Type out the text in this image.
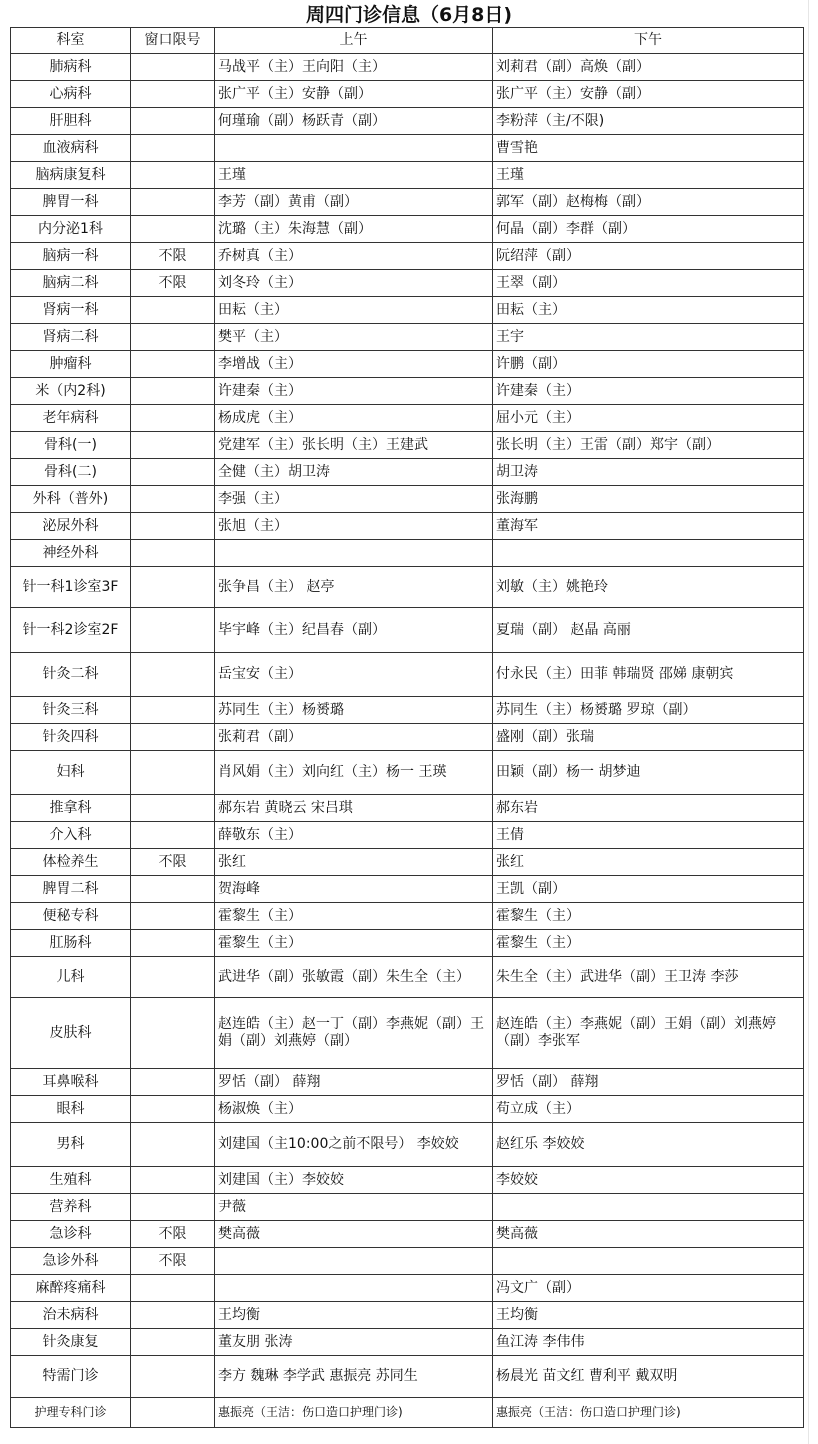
周四门诊信息（6月8日)
科室	窗口限号	上午	下午
肺病科		马战平（主）王向阳（主）	刘莉君（副）高焕（副）
心病科		张广平（主）安静（副）	张广平（主）安静（副）
肝胆科		何瑾瑜（副）杨跃青（副）	李粉萍（主/不限)
血液病科			曹雪艳
脑病康复科		王瑾	王瑾
脾胃一科		李芳（副）黄甫（副）	郭军（副）赵梅梅（副）
内分泌1科		沈璐（主）朱海慧（副）	何晶（副）李群（副）
脑病一科	不限	乔树真（主）	阮绍萍（副）
脑病二科	不限	刘冬玲（主）	王翠（副）
肾病一科		田耘（主）	田耘（主）
肾病二科		樊平（主）	王宇
肿瘤科		李增战（主）	许鹏（副）
米（内2科)		许建秦（主）	许建秦（主）
老年病科		杨成虎（主）	屈小元（主）
骨科(一)		党建军（主）张长明（主）王建武	张长明（主）王雷（副）郑宇（副）
骨科(二)		全健（主）胡卫涛	胡卫涛
外科（普外)		李强（主）	张海鹏
泌尿外科		张旭（主）	董海军
神经外科			
针一科1诊室3F		张争昌（主） 赵亭	刘敏（主）姚艳玲
针一科2诊室2F		毕宇峰（主）纪昌春（副）	夏瑞（副） 赵晶 高丽
针灸二科		岳宝安（主）	付永民（主）田菲 韩瑞贤 邵娣 康朝宾
针灸三科		苏同生（主）杨赟璐	苏同生（主）杨赟璐 罗琼（副）
针灸四科		张莉君（副）	盛刚（副）张瑞
妇科		肖风娟（主）刘向红（主）杨一 王瑛	田颖（副）杨一 胡梦迪
推拿科		郝东岩 黄晓云 宋吕琪	郝东岩
介入科		薛敬东（主）	王倩
体检养生	不限	张红	张红
脾胃二科		贺海峰	王凯（副）
便秘专科		霍黎生（主）	霍黎生（主）
肛肠科		霍黎生（主）	霍黎生（主）
儿科		武进华（副）张敏霞（副）朱生全（主）	朱生全（主）武进华（副）王卫涛 李莎
皮肤科		赵连皓（主）赵一丁（副）李燕妮（副）王娟（副）刘燕婷（副）	赵连皓（主）李燕妮（副）王娟（副）刘燕婷（副）李张军
耳鼻喉科		罗恬（副） 薛翔	罗恬（副） 薛翔
眼科		杨淑焕（主）	苟立成（主）
男科		刘建国（主10:00之前不限号） 李姣姣	赵红乐 李姣姣
生殖科		刘建国（主）李姣姣	李姣姣
营养科		尹薇	
急诊科	不限	樊高薇	樊高薇
急诊外科	不限		
麻醉疼痛科			冯文广（副）
治未病科		王均衡	王均衡
针灸康复		董友朋 张涛	鱼江涛 李伟伟
特需门诊		李方 魏琳 李学武 惠振亮 苏同生	杨晨光 苗文红 曹利平 戴双明
护理专科门诊		惠振亮（王洁：伤口造口护理门诊)	惠振亮（王洁：伤口造口护理门诊)
